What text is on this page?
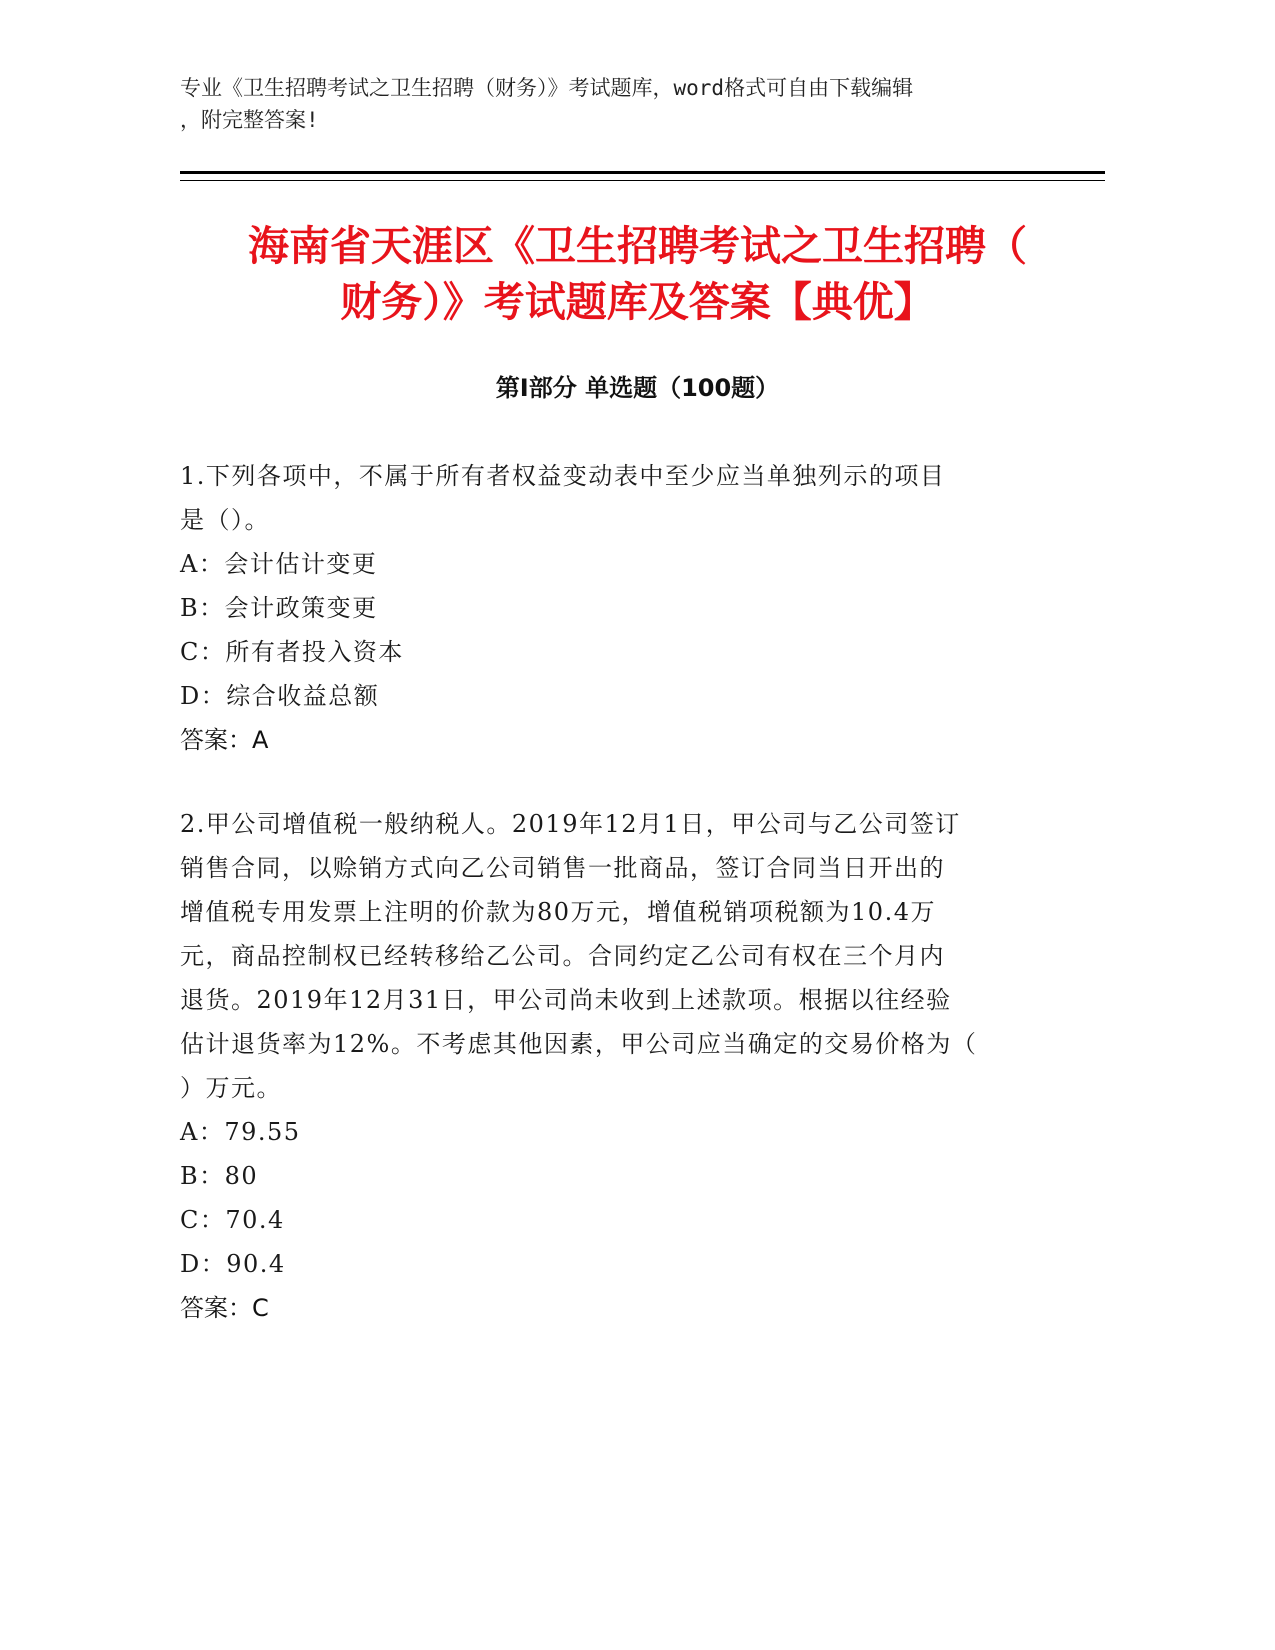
专业《卫生招聘考试之卫生招聘（财务）》考试题库，word格式可自由下载编辑
，附完整答案!
海南省天涯区《卫生招聘考试之卫生招聘（
财务）》考试题库及答案【典优】
第I部分 单选题（100题）
1.下列各项中，不属于所有者权益变动表中至少应当单独列示的项目
是（）。
A：会计估计变更
B：会计政策变更
C：所有者投入资本
D：综合收益总额
答案：A
2.甲公司增值税一般纳税人。2019年12月1日，甲公司与乙公司签订
销售合同，以赊销方式向乙公司销售一批商品，签订合同当日开出的
增值税专用发票上注明的价款为80万元，增值税销项税额为10.4万
元，商品控制权已经转移给乙公司。合同约定乙公司有权在三个月内
退货。2019年12月31日，甲公司尚未收到上述款项。根据以往经验
估计退货率为12%。不考虑其他因素，甲公司应当确定的交易价格为（
）万元。
A：79.55
B：80
C：70.4
D：90.4
答案：C
